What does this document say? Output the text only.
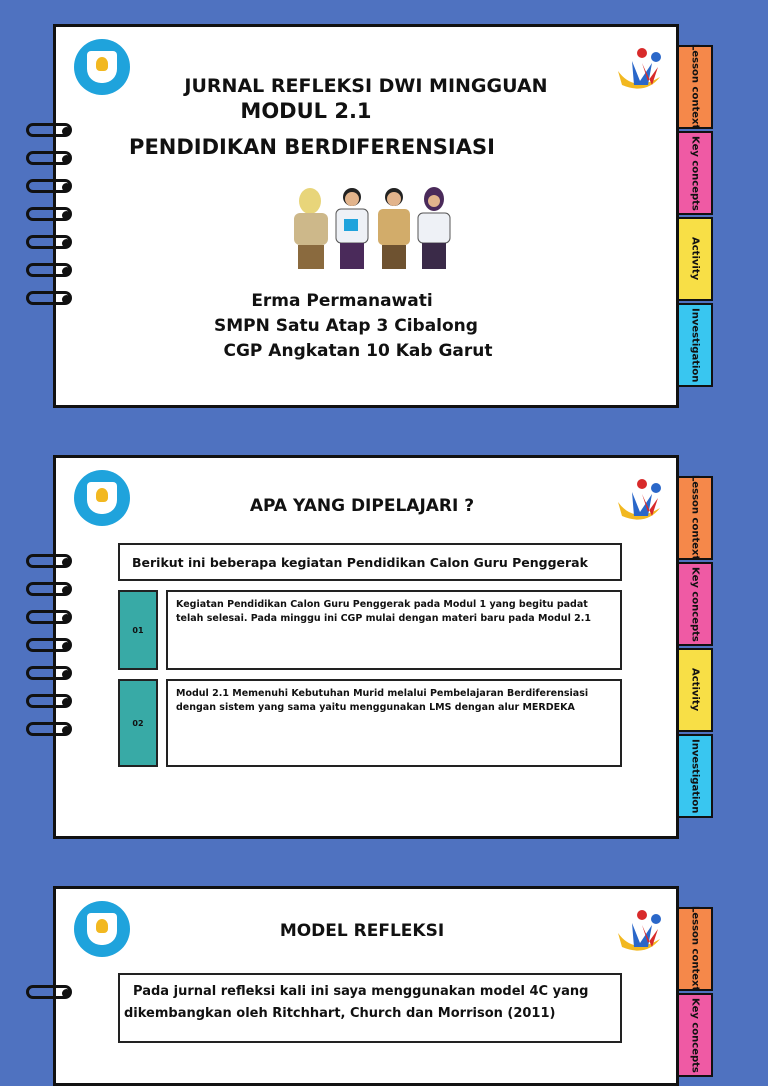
JURNAL REFLEKSI DWI MINGGUAN
MODUL 2.1
PENDIDIKAN BERDIFERENSIASI
Erma Permanawati
SMPN Satu Atap 3 Cibalong
CGP Angkatan 10 Kab Garut
Lesson context
Key concepts
Activity
Investigation
APA YANG DIPELAJARI ?
Berikut ini beberapa kegiatan Pendidikan Calon Guru Penggerak
01
Kegiatan Pendidikan Calon Guru Penggerak pada Modul 1 yang begitu padat telah selesai. Pada minggu ini CGP mulai dengan materi baru pada Modul 2.1
02
Modul 2.1 Memenuhi Kebutuhan Murid melalui Pembelajaran Berdiferensiasi dengan sistem yang sama yaitu menggunakan LMS dengan alur MERDEKA
Lesson context
Key concepts
Activity
Investigation
MODEL REFLEKSI
Pada jurnal refleksi kali ini saya menggunakan model 4C yang
dikembangkan oleh Ritchhart, Church dan Morrison (2011)
Lesson context
Key concepts
